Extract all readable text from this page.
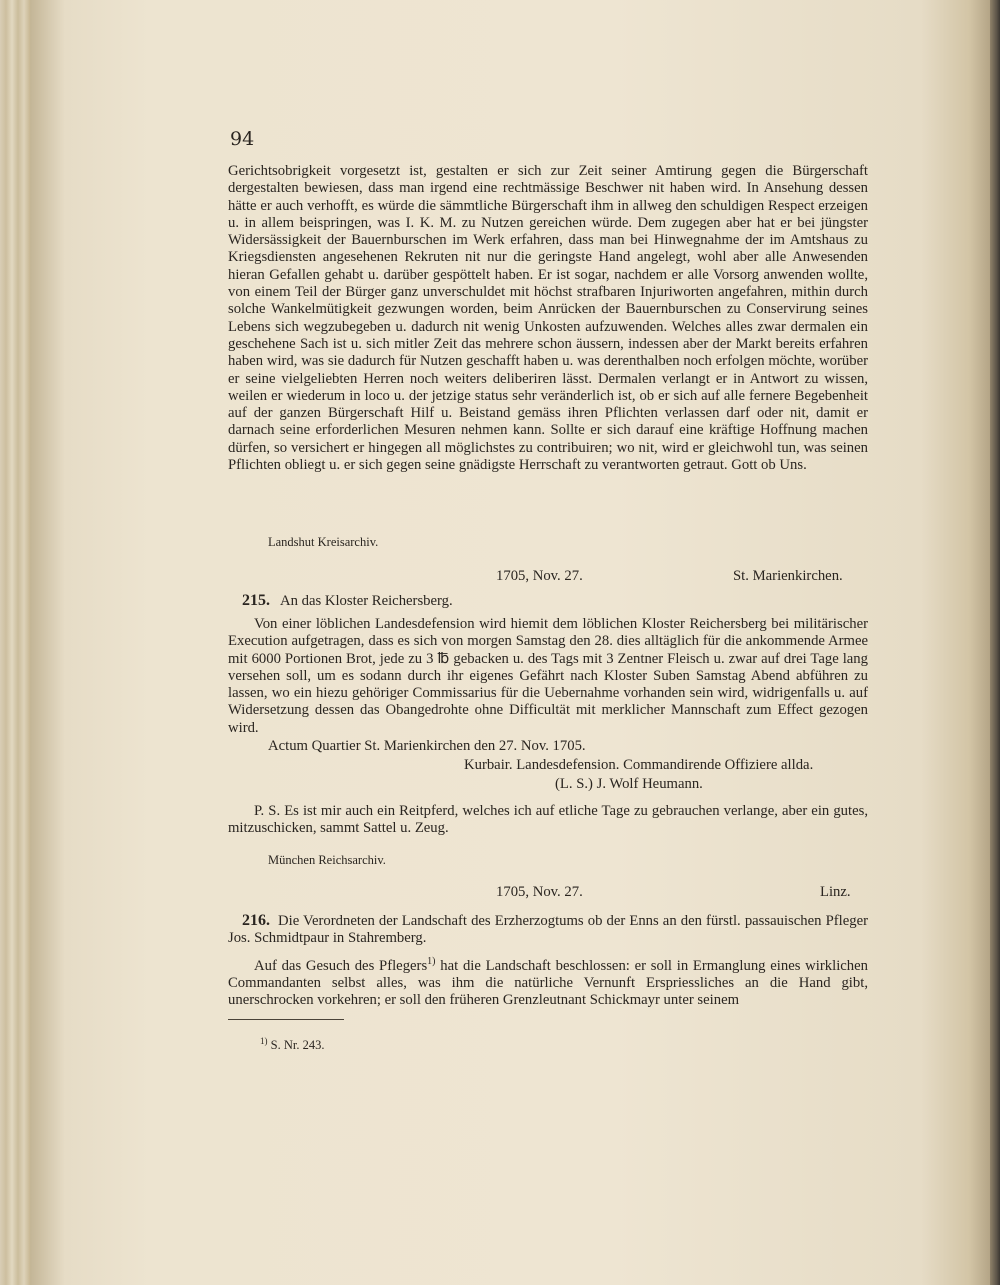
94
Gerichtsobrigkeit vorgesetzt ist, gestalten er sich zur Zeit seiner Amtirung gegen die Bürgerschaft dergestalten bewiesen, dass man irgend eine rechtmässige Beschwer nit haben wird. In Ansehung dessen hätte er auch verhofft, es würde die sämmtliche Bürgerschaft ihm in allweg den schuldigen Respect erzeigen u. in allem beispringen, was I. K. M. zu Nutzen gereichen würde. Dem zugegen aber hat er bei jüngster Widersässigkeit der Bauernburschen im Werk erfahren, dass man bei Hinwegnahme der im Amtshaus zu Kriegsdiensten angesehenen Rekruten nit nur die geringste Hand angelegt, wohl aber alle Anwesenden hieran Gefallen gehabt u. darüber gespöttelt haben. Er ist sogar, nachdem er alle Vorsorg anwenden wollte, von einem Teil der Bürger ganz unverschuldet mit höchst strafbaren Injuriworten angefahren, mithin durch solche Wankelmütigkeit gezwungen worden, beim Anrücken der Bauernburschen zu Conservirung seines Lebens sich wegzubegeben u. dadurch nit wenig Unkosten aufzuwenden. Welches alles zwar dermalen ein geschehene Sach ist u. sich mitler Zeit das mehrere schon äussern, indessen aber der Markt bereits erfahren haben wird, was sie dadurch für Nutzen geschafft haben u. was derenthalben noch erfolgen möchte, worüber er seine vielgeliebten Herren noch weiters deliberiren lässt. Dermalen verlangt er in Antwort zu wissen, weilen er wiederum in loco u. der jetzige status sehr veränderlich ist, ob er sich auf alle fernere Begebenheit auf der ganzen Bürgerschaft Hilf u. Beistand gemäss ihren Pflichten verlassen darf oder nit, damit er darnach seine erforderlichen Mesuren nehmen kann. Sollte er sich darauf eine kräftige Hoffnung machen dürfen, so versichert er hingegen all möglichstes zu contribuiren; wo nit, wird er gleichwohl tun, was seinen Pflichten obliegt u. er sich gegen seine gnädigste Herrschaft zu verantworten getraut. Gott ob Uns.
Landshut Kreisarchiv.
1705, Nov. 27.	St. Marienkirchen.
215. An das Kloster Reichersberg.
Von einer löblichen Landesdefension wird hiemit dem löblichen Kloster Reichersberg bei militärischer Execution aufgetragen, dass es sich von morgen Samstag den 28. dies alltäglich für die ankommende Armee mit 6000 Portionen Brot, jede zu 3 ℔ gebacken u. des Tags mit 3 Zentner Fleisch u. zwar auf drei Tage lang versehen soll, um es sodann durch ihr eigenes Gefährt nach Kloster Suben Samstag Abend abführen zu lassen, wo ein hiezu gehöriger Commissarius für die Uebernahme vorhanden sein wird, widrigenfalls u. auf Widersetzung dessen das Obangedrohte ohne Difficultät mit merklicher Mannschaft zum Effect gezogen wird.
Actum Quartier St. Marienkirchen den 27. Nov. 1705.
Kurbair. Landesdefension. Commandirende Offiziere allda.
(L. S.) J. Wolf Heumann.
P. S. Es ist mir auch ein Reitpferd, welches ich auf etliche Tage zu gebrauchen verlange, aber ein gutes, mitzuschicken, sammt Sattel u. Zeug.
München Reichsarchiv.
1705, Nov. 27.	Linz.
216. Die Verordneten der Landschaft des Erzherzogtums ob der Enns an den fürstl. passauischen Pfleger Jos. Schmidtpaur in Stahremberg.
Auf das Gesuch des Pflegers$^{1)}$ hat die Landschaft beschlossen: er soll in Ermanglung eines wirklichen Commandanten selbst alles, was ihm die natürliche Vernunft Erspriessliches an die Hand gibt, unerschrocken vorkehren; er soll den früheren Grenzleutnant Schickmayr unter seinem
$^{1)}$ S. Nr. 243.
